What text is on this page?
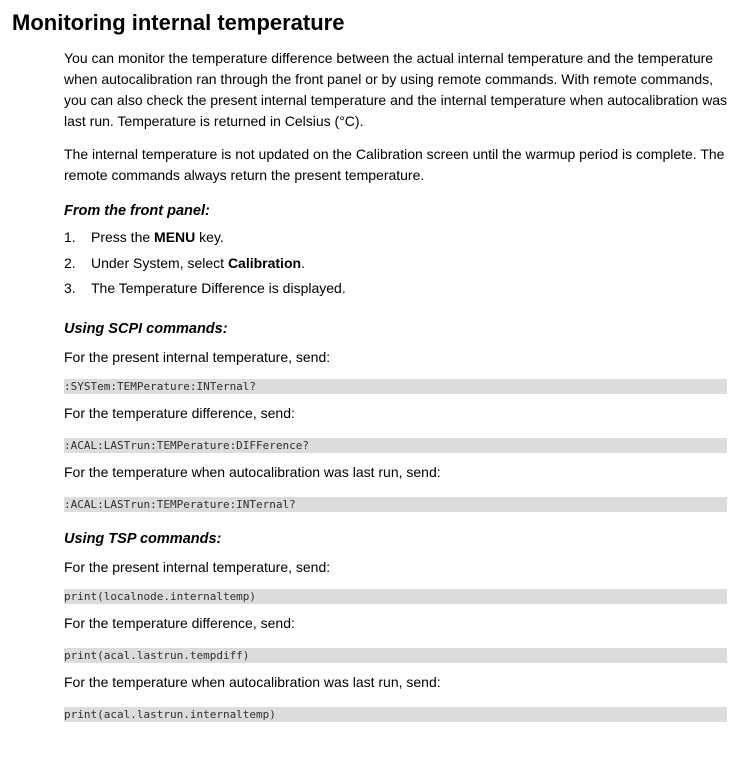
Monitoring internal temperature

You can monitor the temperature difference between the actual internal temperature and the temperature when autocalibration ran through the front panel or by using remote commands. With remote commands, you can also check the present internal temperature and the internal temperature when autocalibration was last run. Temperature is returned in Celsius (°C).

The internal temperature is not updated on the Calibration screen until the warmup period is complete. The remote commands always return the present temperature.

From the front panel:
1. Press the MENU key.
2. Under System, select Calibration.
3. The Temperature Difference is displayed.
Using SCPI commands:

For the present internal temperature, send:

:SYSTem:TEMPerature:INTernal?

For the temperature difference, send:

:ACAL:LASTrun:TEMPerature:DIFFerence?

For the temperature when autocalibration was last run, send:

:ACAL:LASTrun:TEMPerature:INTernal?
Using TSP commands:

For the present internal temperature, send:

print(localnode.internaltemp)

For the temperature difference, send:

print(acal.lastrun.tempdiff)

For the temperature when autocalibration was last run, send:

print(acal.lastrun.internaltemp)
